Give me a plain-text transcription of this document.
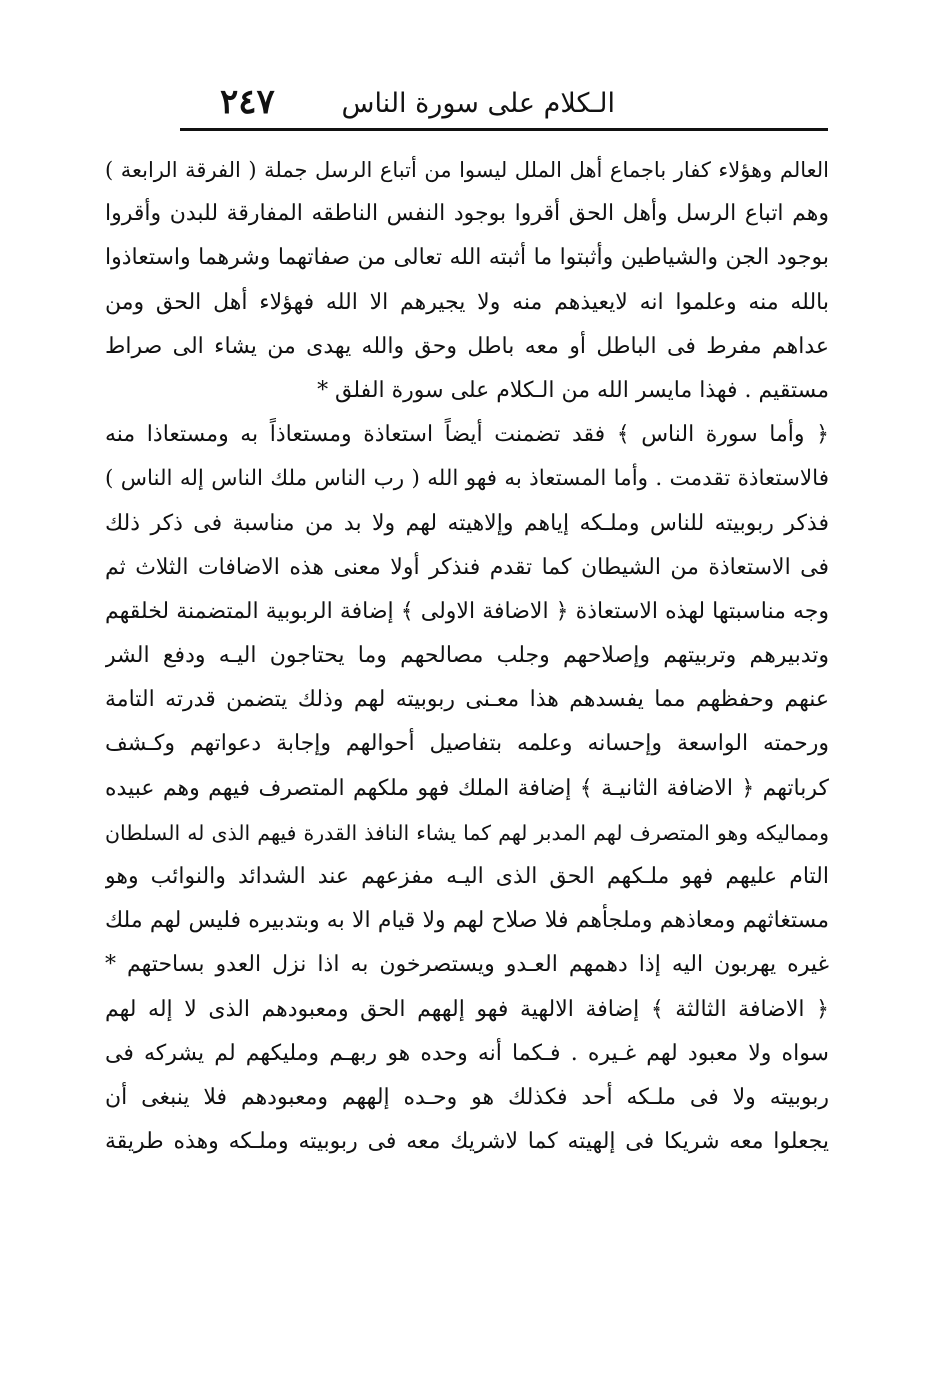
الـكلام على سورة الناس
٢٤٧
العالم وهؤلاء كفار باجماع أهل الملل ليسوا من أتباع الرسل جملة ( الفرقة الرابعة )
وهم اتباع الرسل وأهل الحق أقروا بوجود النفس الناطقه المفارقة للبدن وأقروا
بوجود الجن والشياطين وأثبتوا ما أثبته الله تعالى من صفاتهما وشرهما واستعاذوا
بالله منه وعلموا انه لايعيذهم منه ولا يجيرهم الا الله فهؤلاء أهل الحق ومن
عداهم مفرط فى الباطل أو معه باطل وحق والله يهدى من يشاء الى صراط
مستقيم . فهذا مايسر الله من الـكلام على سورة الفلق *
﴿ وأما سورة الناس ﴾ فقد تضمنت أيضاً استعاذة ومستعاذاً به ومستعاذا منه
فالاستعاذة تقدمت . وأما المستعاذ به فهو الله ( رب الناس ملك الناس إله الناس )
فذكر ربوبيته للناس وملـكه إياهم وإلاهيته لهم ولا بد من مناسبة فى ذكر ذلك
فى الاستعاذة من الشيطان كما تقدم فنذكر أولا معنى هذه الاضافات الثلاث ثم
وجه مناسبتها لهذه الاستعاذة ﴿ الاضافة الاولى ﴾ إضافة الربوبية المتضمنة لخلقهم
وتدبيرهم وتربيتهم وإصلاحهم وجلب مصالحهم وما يحتاجون اليـه ودفع الشر
عنهم وحفظهم مما يفسدهم هذا معـنى ربوبيته لهم وذلك يتضمن قدرته التامة
ورحمته الواسعة وإحسانه وعلمه بتفاصيل أحوالهم وإجابة دعواتهم وكـشف
كرباتهم ﴿ الاضافة الثانيـة ﴾ إضافة الملك فهو ملكهم المتصرف فيهم وهم عبيده
ومماليكه وهو المتصرف لهم المدبر لهم كما يشاء النافذ القدرة فيهم الذى له السلطان
التام عليهم فهو ملـكهم الحق الذى اليـه مفزعهم عند الشدائد والنوائب وهو
مستغاثهم ومعاذهم وملجأهم فلا صلاح لهم ولا قيام الا به وبتدبيره فليس لهم ملك
غيره يهربون اليه إذا دهمهم العـدو ويستصرخون به اذا نزل العدو بساحتهم *
﴿ الاضافة الثالثة ﴾ إضافة الالهية فهو إلههم الحق ومعبودهم الذى لا إله لهم
سواه ولا معبود لهم غـيره . فـكما أنه وحده هو ربهـم ومليكهم لم يشركه فى
ربوبيته ولا فى ملـكه أحد فكذلك هو وحـده إلههم ومعبودهم فلا ينبغى أن
يجعلوا معه شريكا فى إلهيته كما لاشريك معه فى ربوبيته وملـكه وهذه طريقة
